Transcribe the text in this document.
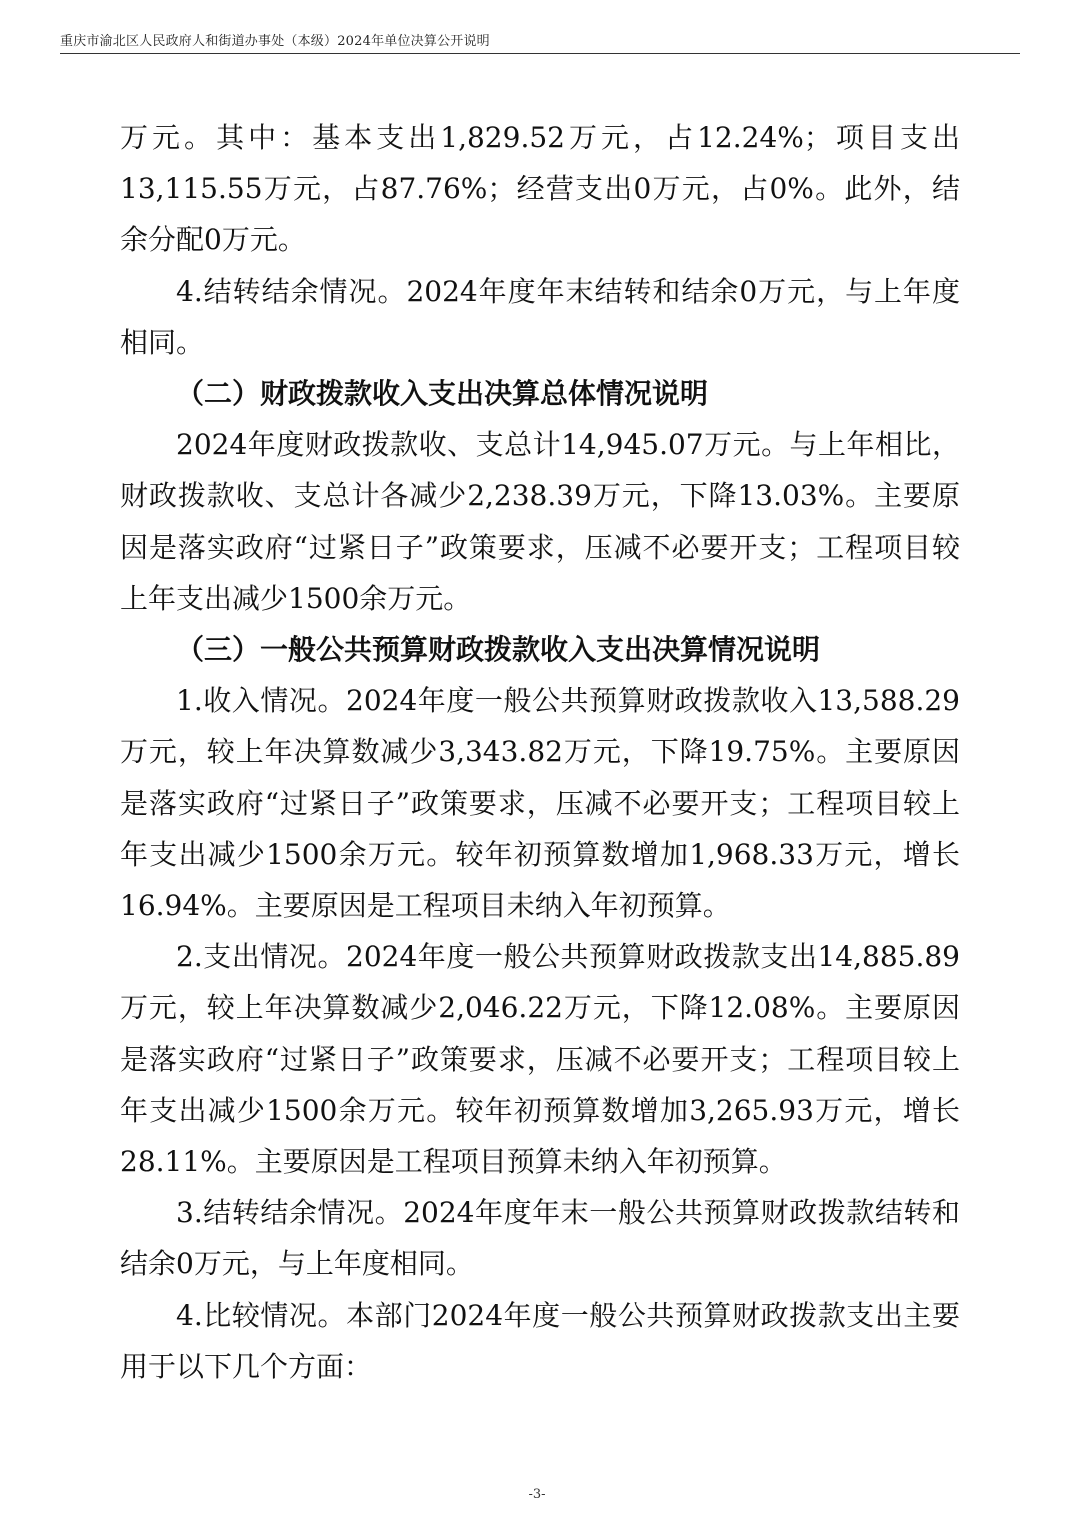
重庆市渝北区人民政府人和街道办事处（本级）2024年单位决算公开说明

万元。其中：基本支出1,829.52万元，占12.24%；项目支出13,115.55万元，占87.76%；经营支出0万元，占0%。此外，结余分配0万元。

4.结转结余情况。2024年度年末结转和结余0万元，与上年度相同。

（二）财政拨款收入支出决算总体情况说明

2024年度财政拨款收、支总计14,945.07万元。与上年相比，财政拨款收、支总计各减少2,238.39万元，下降13.03%。主要原因是落实政府“过紧日子”政策要求，压减不必要开支；工程项目较上年支出减少1500余万元。

（三）一般公共预算财政拨款收入支出决算情况说明

1.收入情况。2024年度一般公共预算财政拨款收入13,588.29万元，较上年决算数减少3,343.82万元，下降19.75%。主要原因是落实政府“过紧日子”政策要求，压减不必要开支；工程项目较上年支出减少1500余万元。较年初预算数增加1,968.33万元，增长16.94%。主要原因是工程项目未纳入年初预算。

2.支出情况。2024年度一般公共预算财政拨款支出14,885.89万元，较上年决算数减少2,046.22万元，下降12.08%。主要原因是落实政府“过紧日子”政策要求，压减不必要开支；工程项目较上年支出减少1500余万元。较年初预算数增加3,265.93万元，增长28.11%。主要原因是工程项目预算未纳入年初预算。

3.结转结余情况。2024年度年末一般公共预算财政拨款结转和结余0万元，与上年度相同。

4.比较情况。本部门2024年度一般公共预算财政拨款支出主要用于以下几个方面：

-3-
